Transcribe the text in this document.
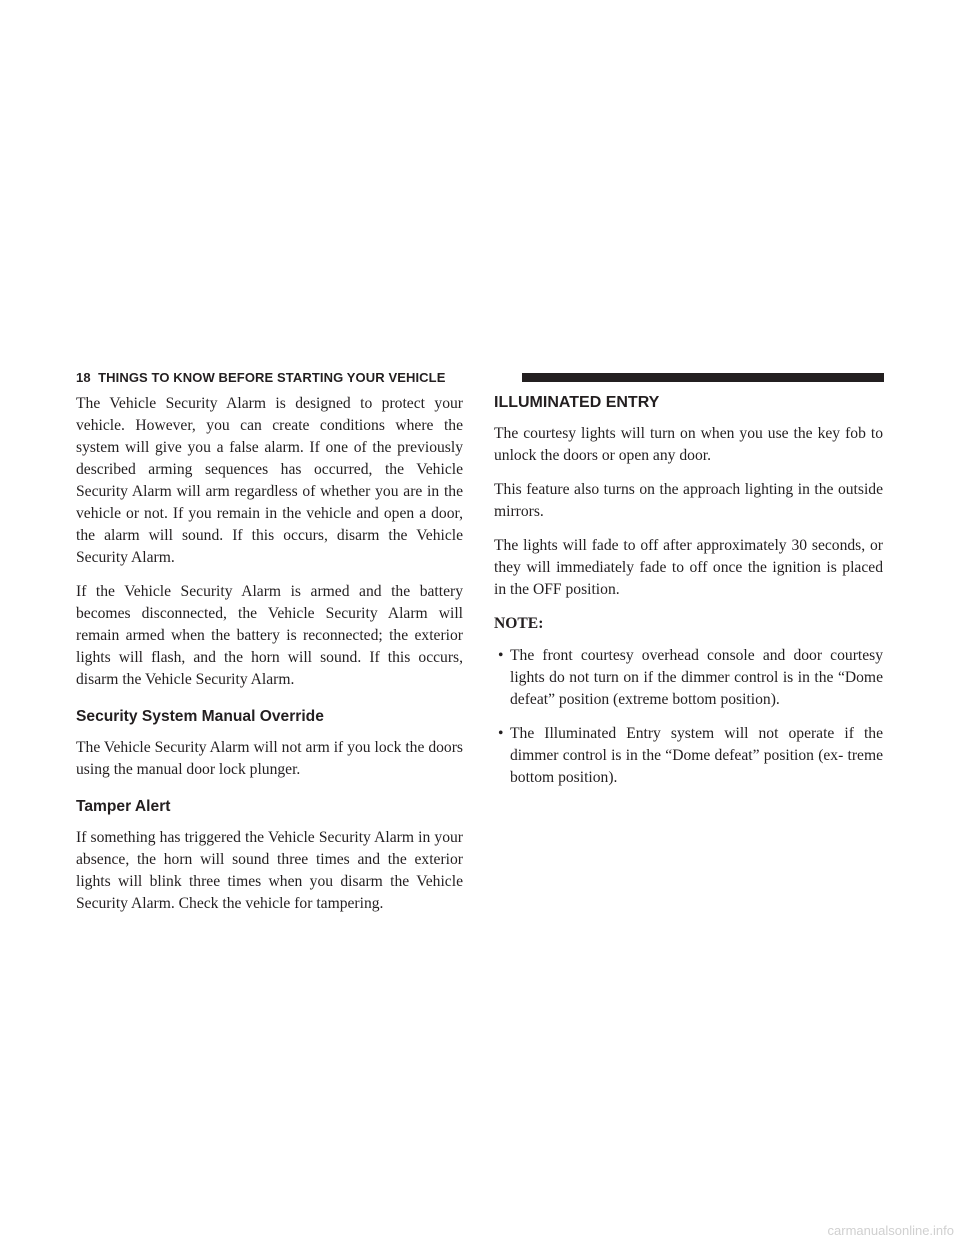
18 THINGS TO KNOW BEFORE STARTING YOUR VEHICLE

The Vehicle Security Alarm is designed to protect your vehicle. However, you can create conditions where the system will give you a false alarm. If one of the previously described arming sequences has occurred, the Vehicle Security Alarm will arm regardless of whether you are in the vehicle or not. If you remain in the vehicle and open a door, the alarm will sound. If this occurs, disarm the Vehicle Security Alarm.

If the Vehicle Security Alarm is armed and the battery becomes disconnected, the Vehicle Security Alarm will remain armed when the battery is reconnected; the exterior lights will flash, and the horn will sound. If this occurs, disarm the Vehicle Security Alarm.

Security System Manual Override

The Vehicle Security Alarm will not arm if you lock the doors using the manual door lock plunger.

Tamper Alert

If something has triggered the Vehicle Security Alarm in your absence, the horn will sound three times and the exterior lights will blink three times when you disarm the Vehicle Security Alarm. Check the vehicle for tampering.

ILLUMINATED ENTRY

The courtesy lights will turn on when you use the key fob to unlock the doors or open any door.

This feature also turns on the approach lighting in the outside mirrors.

The lights will fade to off after approximately 30 seconds, or they will immediately fade to off once the ignition is placed in the OFF position.

NOTE:
• The front courtesy overhead console and door courtesy lights do not turn on if the dimmer control is in the “Dome defeat” position (extreme bottom position).
• The Illuminated Entry system will not operate if the dimmer control is in the “Dome defeat” position (ex- treme bottom position).
carmanualsonline.info
